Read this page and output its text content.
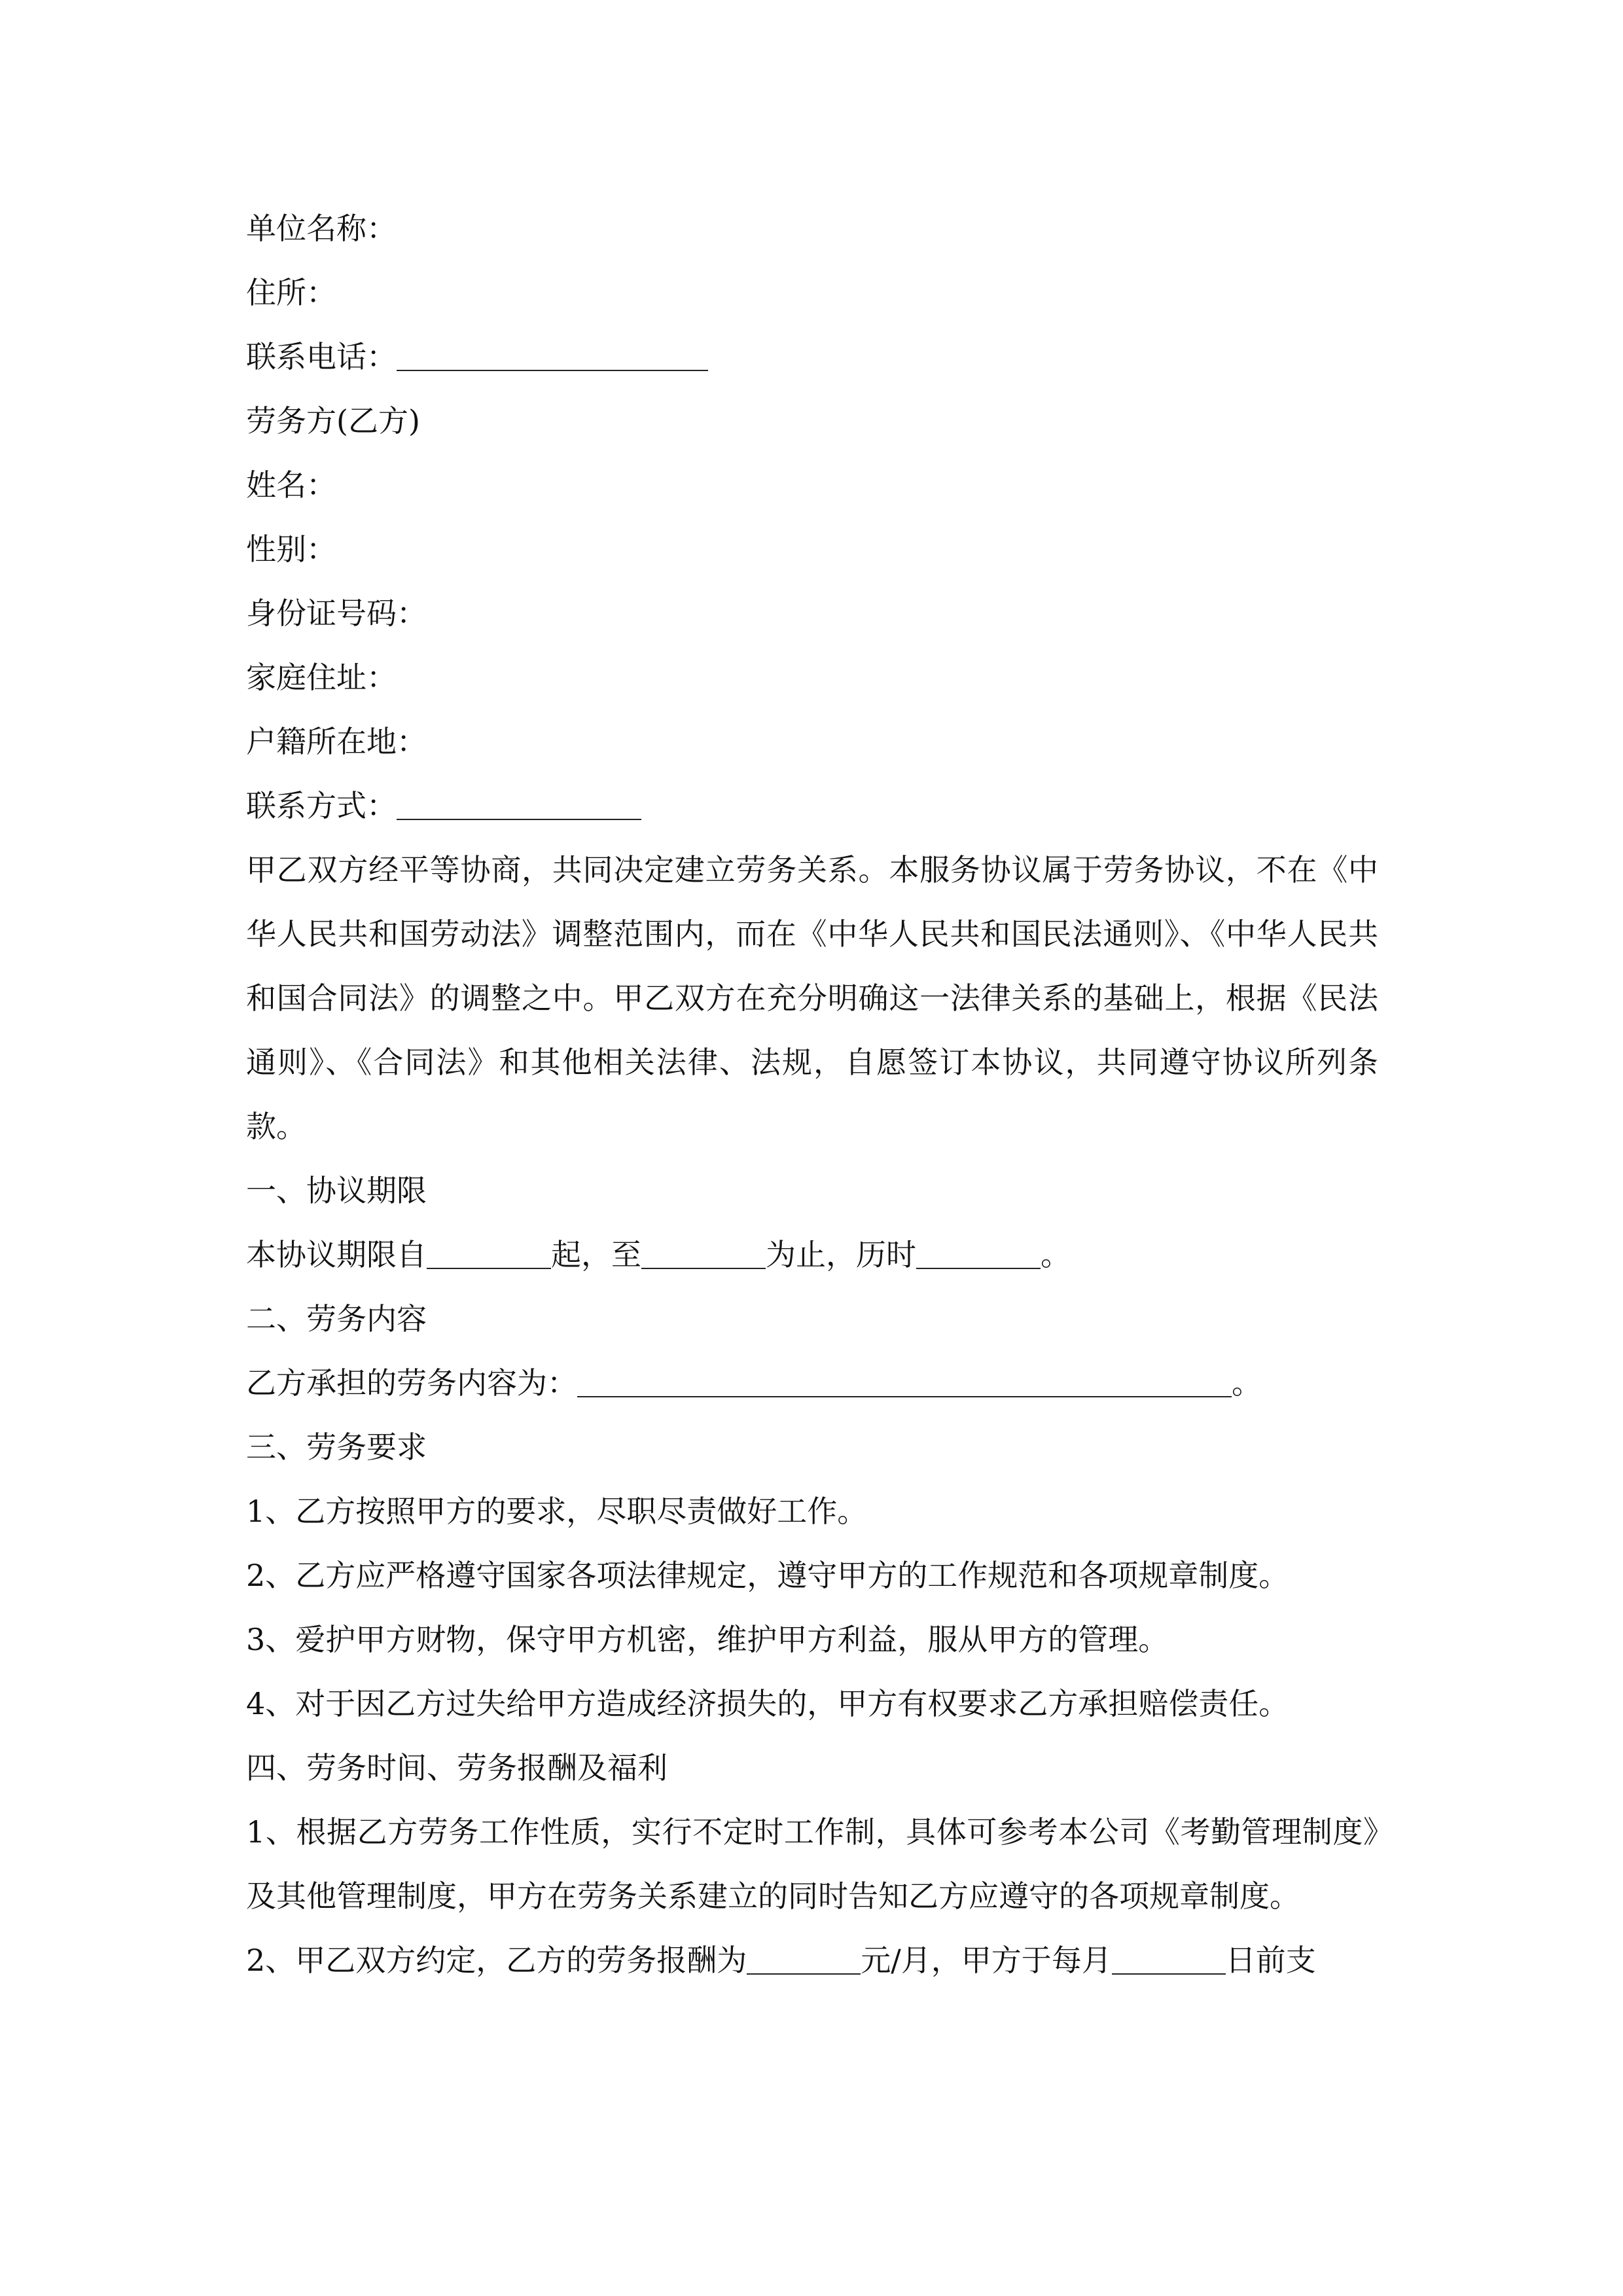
单位名称：
住所：
联系电话：
劳务方(乙方)
姓名：
性别：
身份证号码：
家庭住址：
户籍所在地：
联系方式：
甲乙双方经平等协商，共同决定建立劳务关系。本服务协议属于劳务协议，不在《中华人民共和国劳动法》调整范围内，而在《中华人民共和国民法通则》、《中华人民共和国合同法》的调整之中。甲乙双方在充分明确这一法律关系的基础上，根据《民法通则》、《合同法》和其他相关法律、法规，自愿签订本协议，共同遵守协议所列条款。
一、协议期限
本协议期限自	起，至	为止，历时	。
二、劳务内容
乙方承担的劳务内容为：	。
三、劳务要求
1、乙方按照甲方的要求，尽职尽责做好工作。
2、乙方应严格遵守国家各项法律规定，遵守甲方的工作规范和各项规章制度。
3、爱护甲方财物，保守甲方机密，维护甲方利益，服从甲方的管理。
4、对于因乙方过失给甲方造成经济损失的，甲方有权要求乙方承担赔偿责任。
四、劳务时间、劳务报酬及福利
1、根据乙方劳务工作性质，实行不定时工作制，具体可参考本公司《考勤管理制度》及其他管理制度，甲方在劳务关系建立的同时告知乙方应遵守的各项规章制度。
2、甲乙双方约定，乙方的劳务报酬为	元/月，甲方于每月	日前支
